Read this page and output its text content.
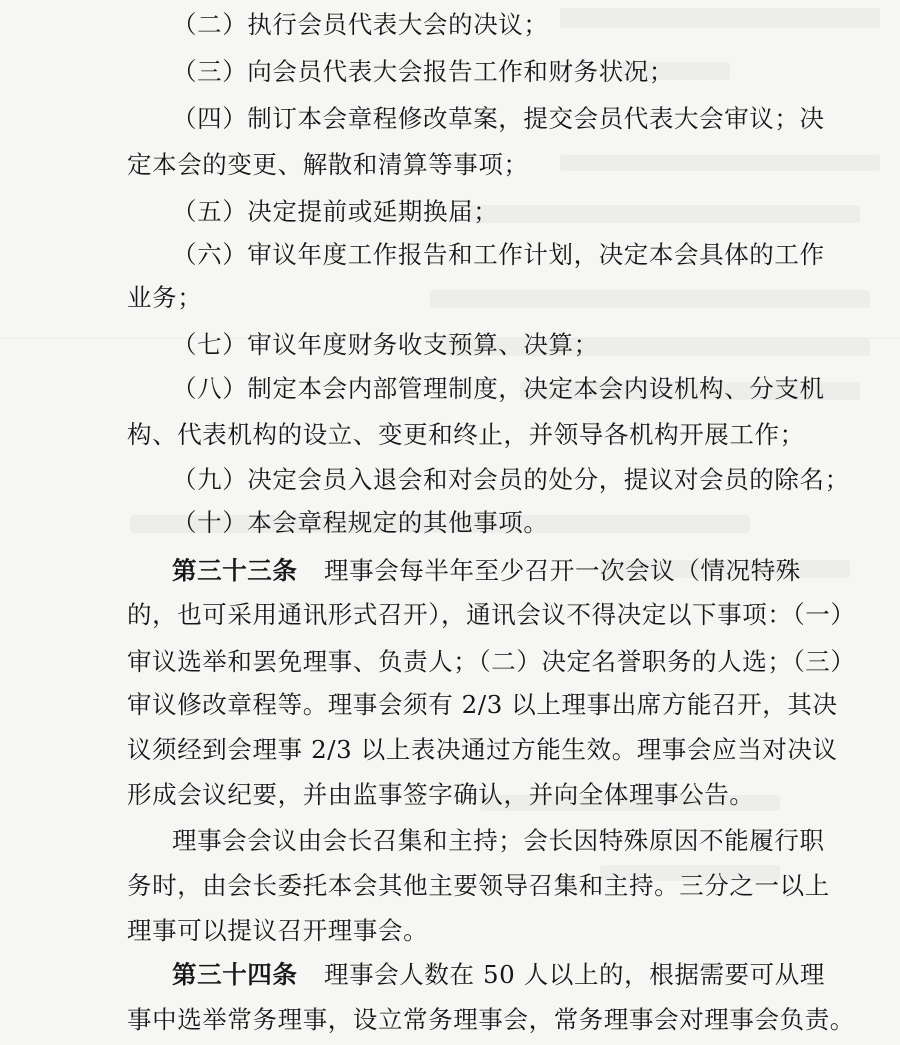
（二）执行会员代表大会的决议；
（三）向会员代表大会报告工作和财务状况；
（四）制订本会章程修改草案，提交会员代表大会审议；决
定本会的变更、解散和清算等事项；
（五）决定提前或延期换届；
（六）审议年度工作报告和工作计划，决定本会具体的工作
业务；
（七）审议年度财务收支预算、决算；
（八）制定本会内部管理制度，决定本会内设机构、分支机
构、代表机构的设立、变更和终止，并领导各机构开展工作；
（九）决定会员入退会和对会员的处分，提议对会员的除名；
（十）本会章程规定的其他事项。
第三十三条 理事会每半年至少召开一次会议（情况特殊
的，也可采用通讯形式召开），通讯会议不得决定以下事项：（一）
审议选举和罢免理事、负责人；（二）决定名誉职务的人选；（三）
审议修改章程等。理事会须有 2/3 以上理事出席方能召开，其决
议须经到会理事 2/3 以上表决通过方能生效。理事会应当对决议
形成会议纪要，并由监事签字确认，并向全体理事公告。
理事会会议由会长召集和主持；会长因特殊原因不能履行职
务时，由会长委托本会其他主要领导召集和主持。三分之一以上
理事可以提议召开理事会。
第三十四条 理事会人数在 50 人以上的，根据需要可从理
事中选举常务理事，设立常务理事会，常务理事会对理事会负责。
